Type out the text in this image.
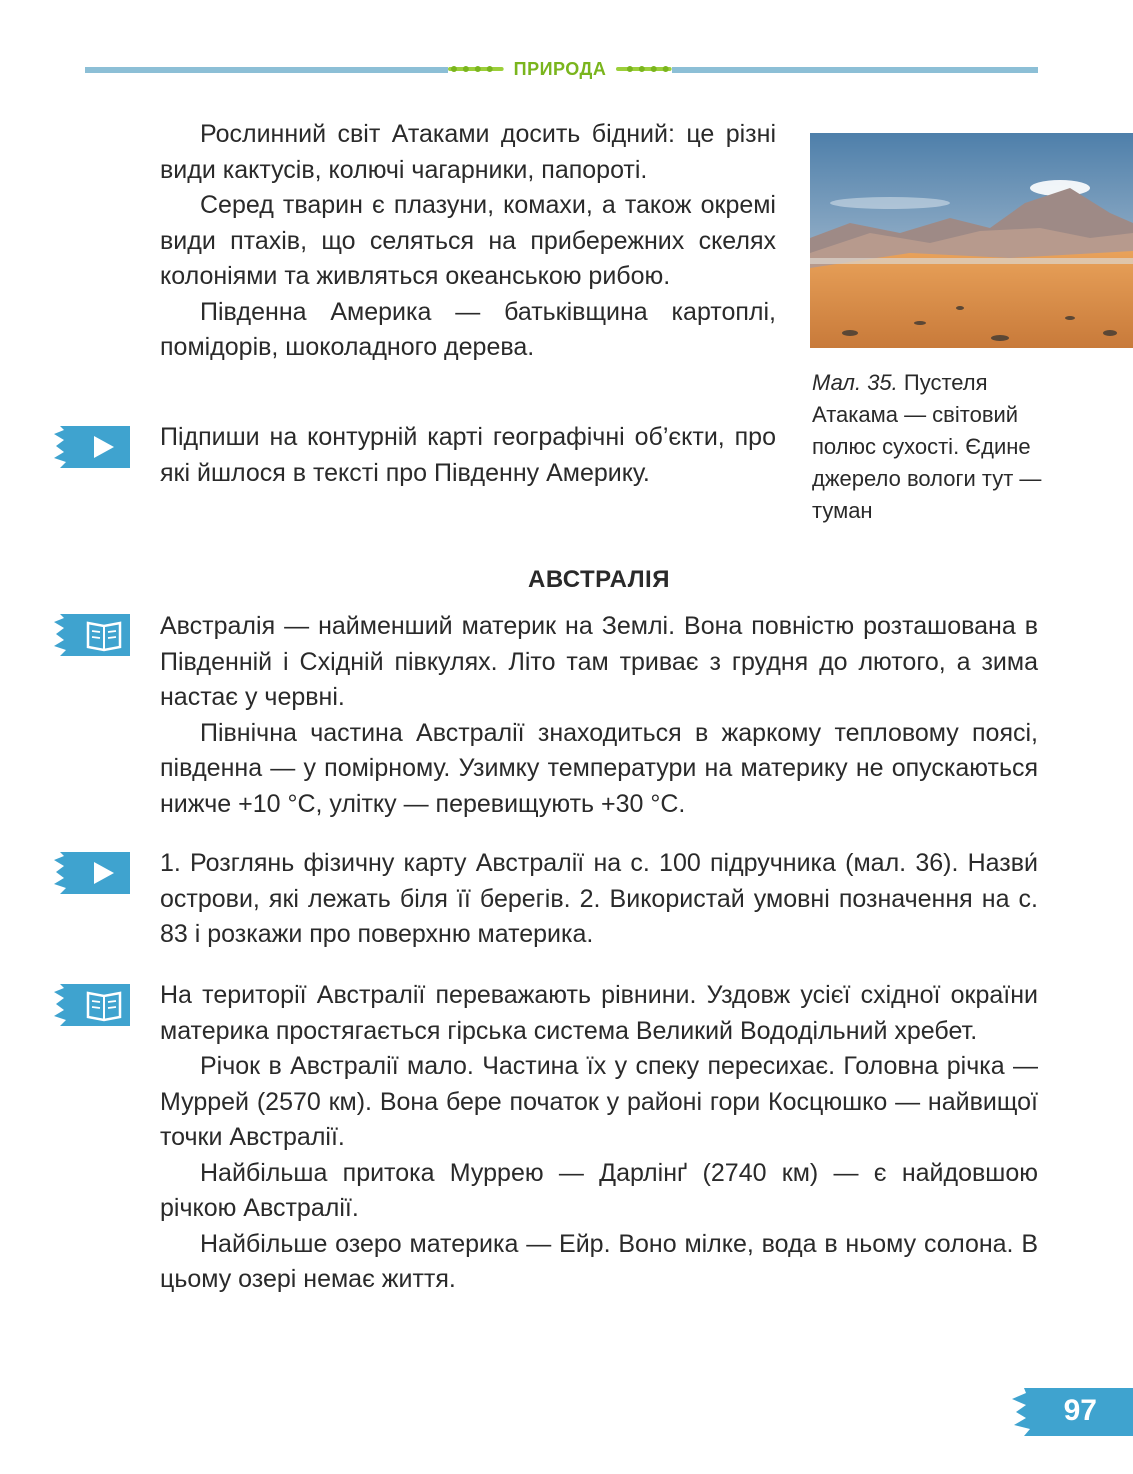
ПРИРОДА

Рослинний світ Атаками досить бідний: це різні види кактусів, колючі чагарники, папороті.

Серед тварин є плазуни, комахи, а також окремі види птахів, що селяться на прибережних скелях колоніями та живляться океанською рибою.

Південна Америка — батьківщина картоплі, помідорів, шоколадного дерева.

Мал. 35. Пустеля Атакама — світовий полюс сухості. Єдине джерело вологи тут — туман

Підпиши на контурній карті географічні об’єкти, про які йшлося в тексті про Південну Америку.

АВСТРАЛІЯ

Австралія — найменший материк на Землі. Вона повністю розташована в Південній і Східній півкулях. Літо там триває з грудня до лютого, а зима настає у червні.

Північна частина Австралії знаходиться в жаркому тепловому поясі, південна — у помірному. Узимку температури на материку не опускаються нижче +10 °С, улітку — перевищують +30 °С.

1. Розглянь фізичну карту Австралії на с. 100 підручника (мал. 36). Назви́ острови, які лежать біля її берегів. 2. Використай умовні позначення на с. 83 і розкажи про поверхню материка.

На території Австралії переважають рівнини. Уздовж усієї східної окраїни материка простягається гірська система Великий Вододільний хребет.

Річок в Австралії мало. Частина їх у спеку пересихає. Головна річка — Муррей (2570 км). Вона бере початок у районі гори Косцюшко — найвищої точки Австралії.

Найбільша притока Муррею — Дарлінґ (2740 км) — є найдовшою річкою Австралії.

Найбільше озеро материка — Ейр. Воно мілке, вода в ньому солона. В цьому озері немає життя.

97
